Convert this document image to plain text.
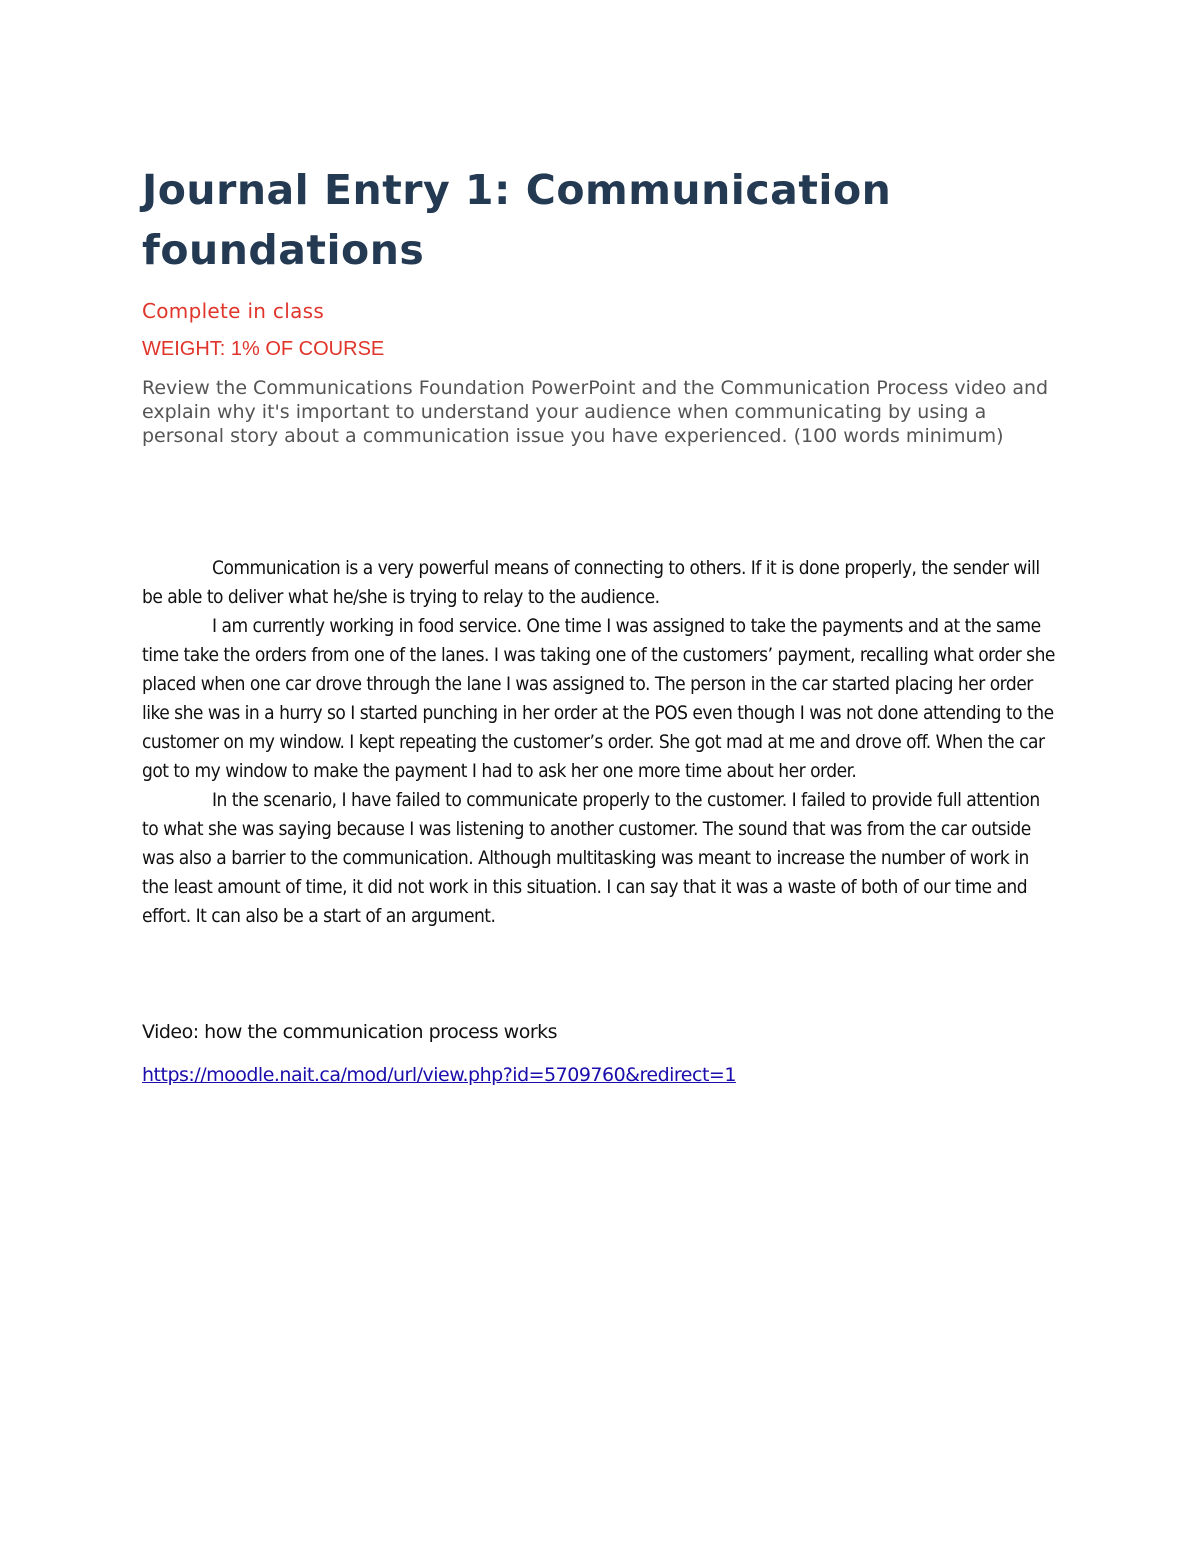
Journal Entry 1: Communication foundations
Complete in class
WEIGHT: 1% OF COURSE
Review the Communications Foundation PowerPoint and the Communication Process video and explain why it's important to understand your audience when communicating by using a personal story about a communication issue you have experienced. (100 words minimum)

Communication is a very powerful means of connecting to others. If it is done properly, the sender will be able to deliver what he/she is trying to relay to the audience.

I am currently working in food service. One time I was assigned to take the payments and at the same time take the orders from one of the lanes. I was taking one of the customers’ payment, recalling what order she placed when one car drove through the lane I was assigned to. The person in the car started placing her order like she was in a hurry so I started punching in her order at the POS even though I was not done attending to the customer on my window. I kept repeating the customer’s order. She got mad at me and drove off. When the car got to my window to make the payment I had to ask her one more time about her order.

In the scenario, I have failed to communicate properly to the customer. I failed to provide full attention to what she was saying because I was listening to another customer. The sound that was from the car outside was also a barrier to the communication. Although multitasking was meant to increase the number of work in the least amount of time, it did not work in this situation. I can say that it was a waste of both of our time and effort. It can also be a start of an argument.

Video: how the communication process works
https://moodle.nait.ca/mod/url/view.php?id=5709760&redirect=1
